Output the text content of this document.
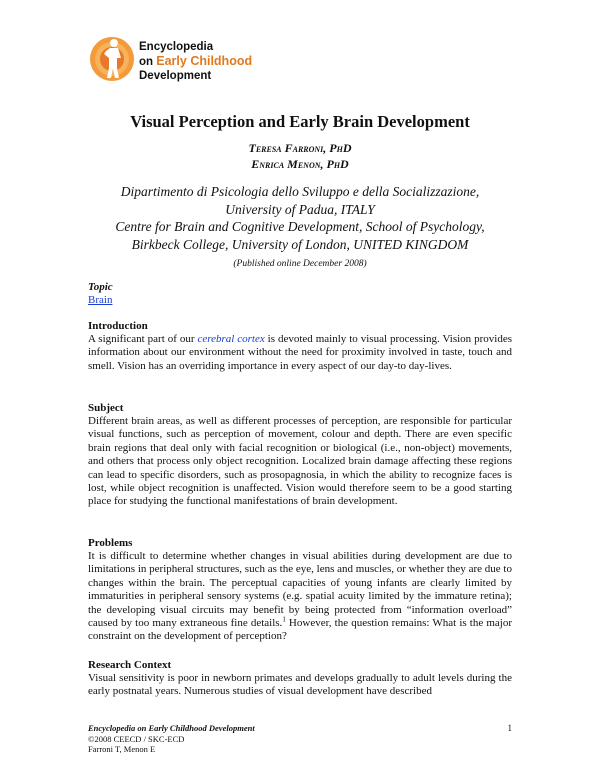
Encyclopedia
on Early Childhood
Development
Visual Perception and Early Brain Development
Teresa Farroni, PhD
Enrica Menon, PhD
Dipartimento di Psicologia dello Sviluppo e della Socializzazione,
University of Padua, ITALY
Centre for Brain and Cognitive Development, School of Psychology,
Birkbeck College, University of London, UNITED KINGDOM
(Published online December 2008)
Topic
Brain
Introduction

A significant part of our cerebral cortex is devoted mainly to visual processing. Vision provides information about our environment without the need for proximity involved in taste, touch and smell. Vision has an overriding importance in every aspect of our day-to day-lives.

Subject

Different brain areas, as well as different processes of perception, are responsible for particular visual functions, such as perception of movement, colour and depth. There are even specific brain regions that deal only with facial recognition or biological (i.e., non-object) movements, and others that process only object recognition. Localized brain damage affecting these regions can lead to specific disorders, such as prosopagnosia, in which the ability to recognize faces is lost, while object recognition is unaffected. Vision would therefore seem to be a good starting place for studying the functional manifestations of brain development.

Problems

It is difficult to determine whether changes in visual abilities during development are due to limitations in peripheral structures, such as the eye, lens and muscles, or whether they are due to changes within the brain. The perceptual capacities of young infants are clearly limited by immaturities in peripheral sensory systems (e.g. spatial acuity limited by the immature retina); the developing visual circuits may benefit by being protected from “information overload” caused by too many extraneous fine details.$^1$ However, the question remains: What is the major constraint on the development of perception?

Research Context

Visual sensitivity is poor in newborn primates and develops gradually to adult levels during the early postnatal years. Numerous studies of visual development have described

Encyclopedia on Early Childhood Development
©2008 CEECD / SKC-ECD
Farroni T, Menon E
1
